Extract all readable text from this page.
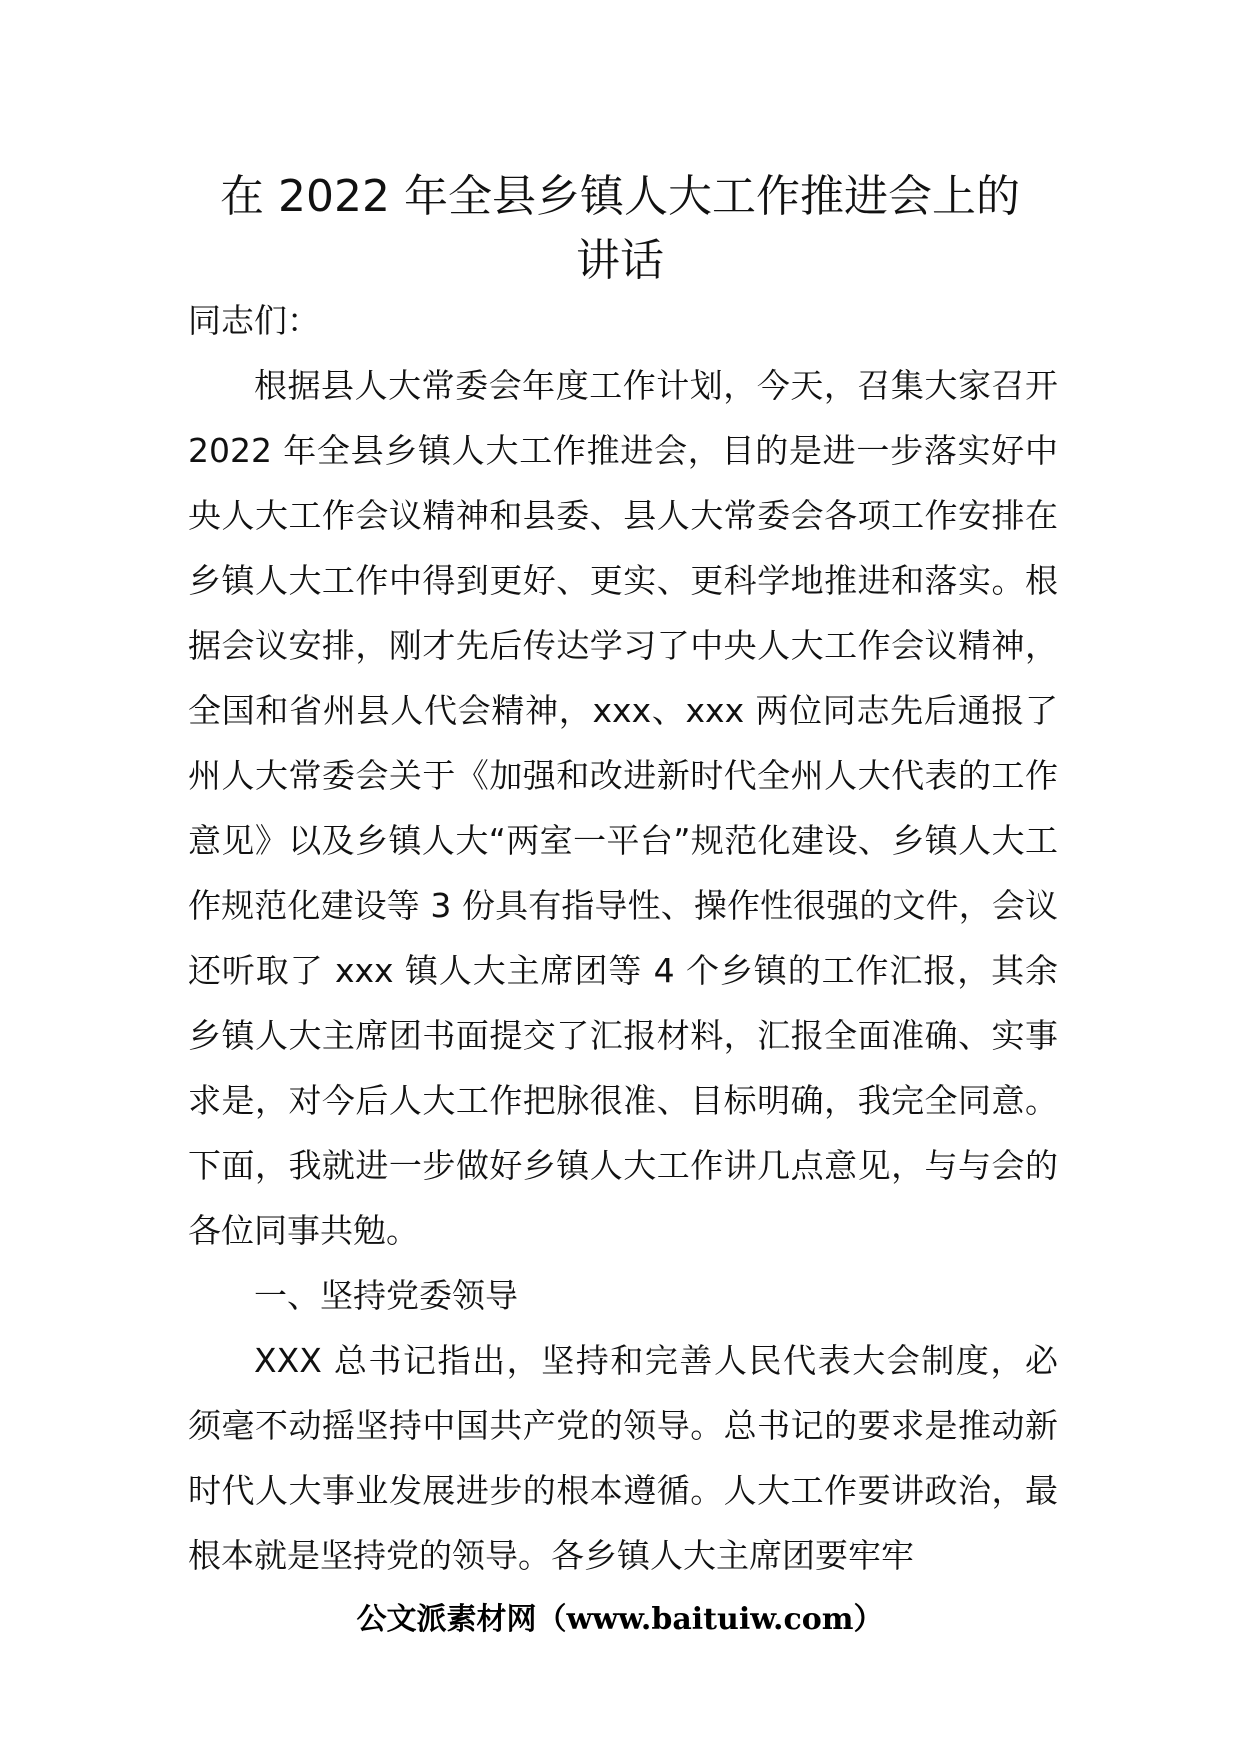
在 2022 年全县乡镇人大工作推进会上的
讲话

同志们：

根据县人大常委会年度工作计划，今天，召集大家召开 2022 年全县乡镇人大工作推进会，目的是进一步落实好中央人大工作会议精神和县委、县人大常委会各项工作安排在乡镇人大工作中得到更好、更实、更科学地推进和落实。根据会议安排，刚才先后传达学习了中央人大工作会议精神，全国和省州县人代会精神，xxx、xxx 两位同志先后通报了州人大常委会关于《加强和改进新时代全州人大代表的工作意见》以及乡镇人大“两室一平台”规范化建设、乡镇人大工作规范化建设等 3 份具有指导性、操作性很强的文件，会议还听取了 xxx 镇人大主席团等 4 个乡镇的工作汇报，其余乡镇人大主席团书面提交了汇报材料，汇报全面准确、实事求是，对今后人大工作把脉很准、目标明确，我完全同意。下面，我就进一步做好乡镇人大工作讲几点意见，与与会的各位同事共勉。

一、坚持党委领导

XXX 总书记指出，坚持和完善人民代表大会制度，必须毫不动摇坚持中国共产党的领导。总书记的要求是推动新时代人大事业发展进步的根本遵循。人大工作要讲政治，最根本就是坚持党的领导。各乡镇人大主席团要牢牢

公文派素材网（www.baituiw.com）
